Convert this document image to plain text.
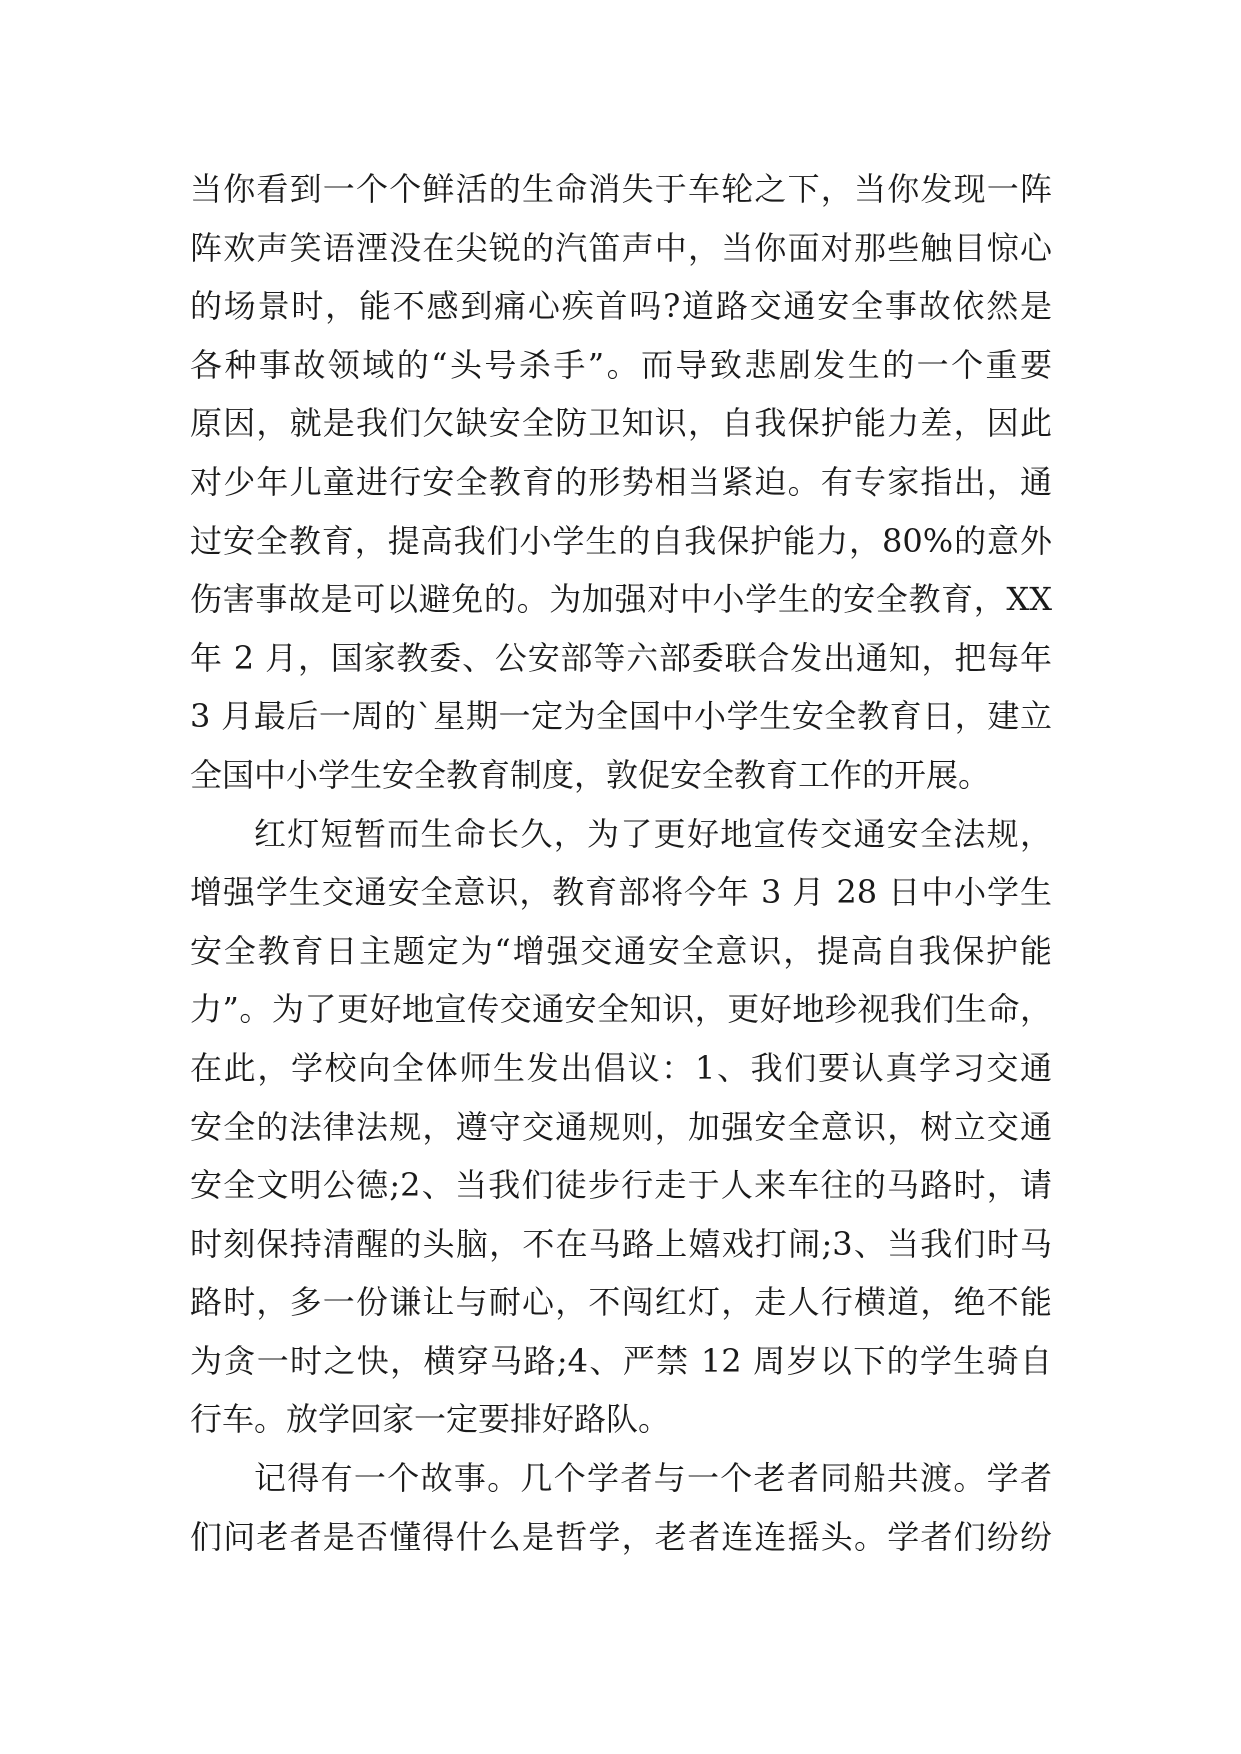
当你看到一个个鲜活的生命消失于车轮之下，当你发现一阵
阵欢声笑语湮没在尖锐的汽笛声中，当你面对那些触目惊心
的场景时，能不感到痛心疾首吗?道路交通安全事故依然是
各种事故领域的“头号杀手”。而导致悲剧发生的一个重要
原因，就是我们欠缺安全防卫知识，自我保护能力差，因此
对少年儿童进行安全教育的形势相当紧迫。有专家指出，通
过安全教育，提高我们小学生的自我保护能力，80%的意外
伤害事故是可以避免的。为加强对中小学生的安全教育，XX
年 2 月，国家教委、公安部等六部委联合发出通知，把每年
3 月最后一周的`星期一定为全国中小学生安全教育日，建立
全国中小学生安全教育制度，敦促安全教育工作的开展。
红灯短暂而生命长久，为了更好地宣传交通安全法规，
增强学生交通安全意识，教育部将今年 3 月 28 日中小学生
安全教育日主题定为“增强交通安全意识，提高自我保护能
力”。为了更好地宣传交通安全知识，更好地珍视我们生命，
在此，学校向全体师生发出倡议：1、我们要认真学习交通
安全的法律法规，遵守交通规则，加强安全意识，树立交通
安全文明公德;2、当我们徒步行走于人来车往的马路时，请
时刻保持清醒的头脑，不在马路上嬉戏打闹;3、当我们时马
路时，多一份谦让与耐心，不闯红灯，走人行横道，绝不能
为贪一时之快，横穿马路;4、严禁 12 周岁以下的学生骑自
行车。放学回家一定要排好路队。
记得有一个故事。几个学者与一个老者同船共渡。学者
们问老者是否懂得什么是哲学，老者连连摇头。学者们纷纷
